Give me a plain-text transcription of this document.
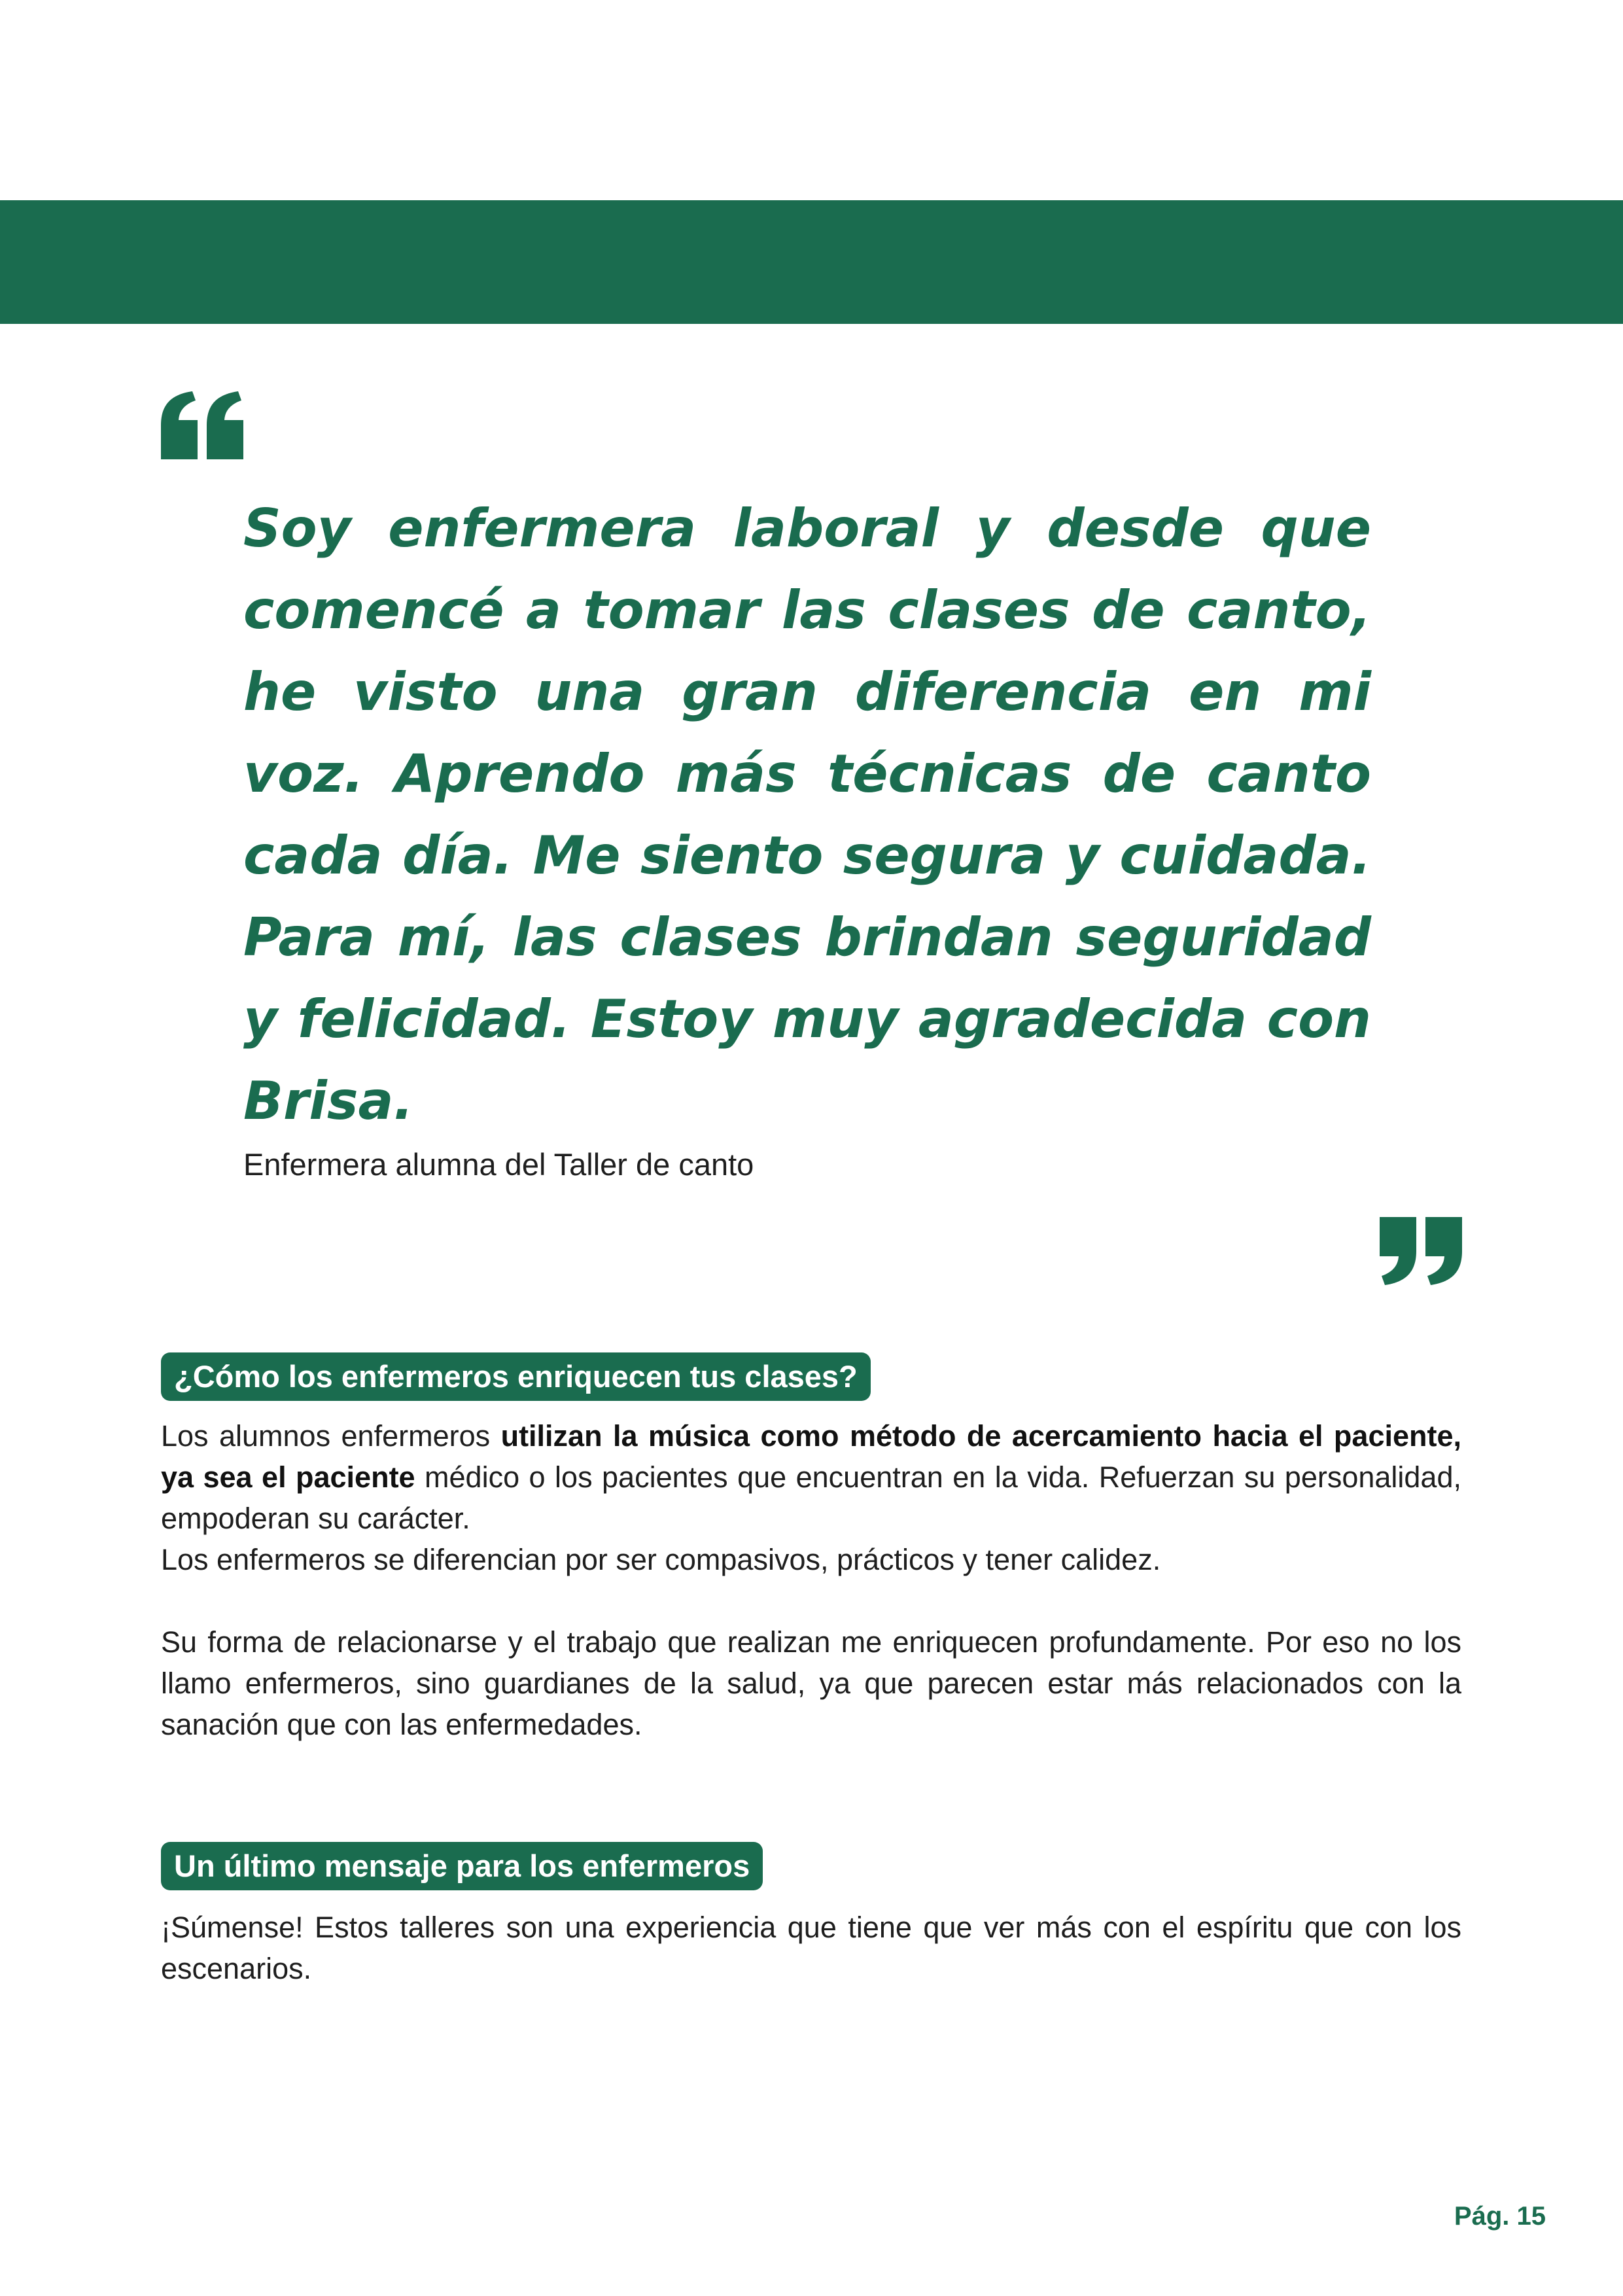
Soy enfermera laboral y desde que comencé a tomar las clases de canto, he visto una gran diferencia en mi voz. Aprendo más técnicas de canto cada día. Me siento segura y cuidada. Para mí, las clases brindan seguridad y felicidad. Estoy muy agradecida con Brisa.

Enfermera alumna del Taller de canto

¿Cómo los enfermeros enriquecen tus clases?

Los alumnos enfermeros utilizan la música como método de acercamiento hacia el paciente, ya sea el paciente médico o los pacientes que encuentran en la vida. Refuerzan su personalidad, empoderan su carácter.

Los enfermeros se diferencian por ser compasivos, prácticos y tener calidez.

Su forma de relacionarse y el trabajo que realizan me enriquecen profundamente. Por eso no los llamo enfermeros, sino guardianes de la salud, ya que parecen estar más relacionados con la sanación que con las enfermedades.

Un último mensaje para los enfermeros

¡Súmense! Estos talleres son una experiencia que tiene que ver más con el espíritu que con los escenarios.

Pág. 15
